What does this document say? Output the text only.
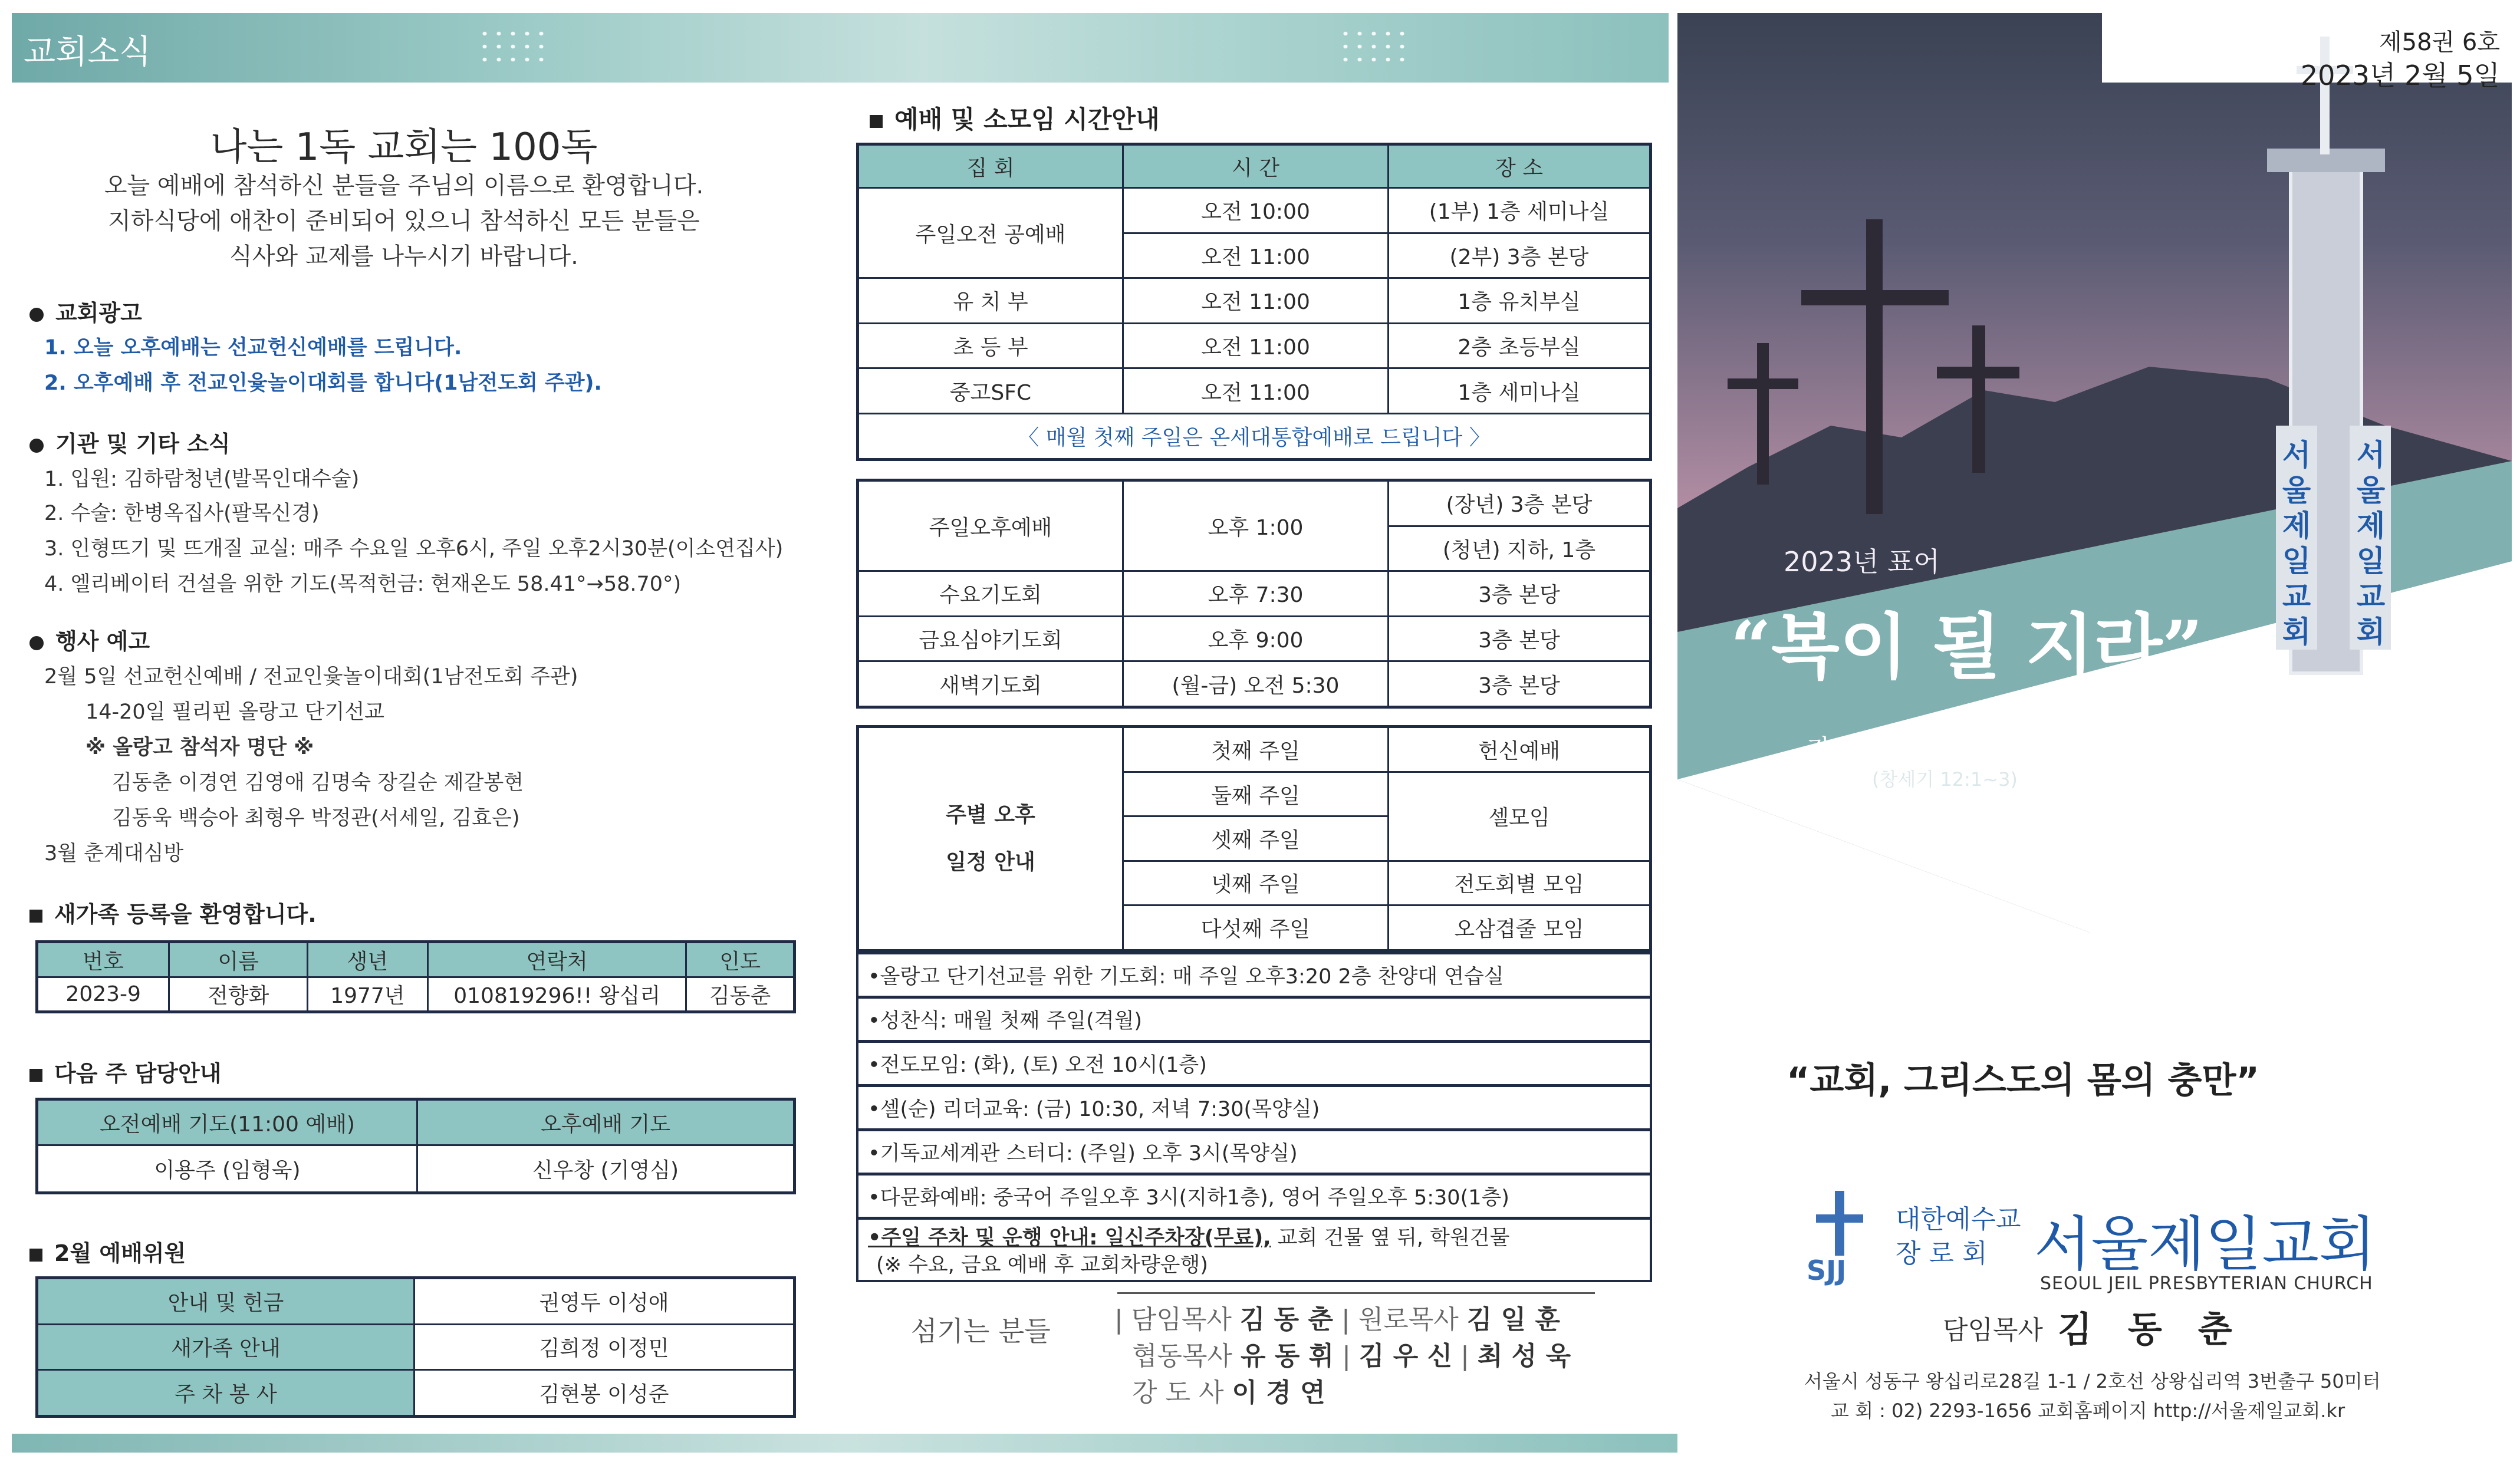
교회소식
나는 1독 교회는 100독
오늘 예배에 참석하신 분들을 주님의 이름으로 환영합니다.
지하식당에 애찬이 준비되어 있으니 참석하신 모든 분들은
식사와 교제를 나누시기 바랍니다.
교회광고
1. 오늘 오후예배는 선교헌신예배를 드립니다.
2. 오후예배 후 전교인윷놀이대회를 합니다(1남전도회 주관).
기관 및 기타 소식
1. 입원: 김하람청년(발목인대수술)
2. 수술: 한병옥집사(팔목신경)
3. 인형뜨기 및 뜨개질 교실: 매주 수요일 오후6시, 주일 오후2시30분(이소연집사)
4. 엘리베이터 건설을 위한 기도(목적헌금: 현재온도 58.41°→58.70°)
행사 예고
2월 5일 선교헌신예배 / 전교인윷놀이대회(1남전도회 주관)
14-20일 필리핀 올랑고 단기선교
※ 올랑고 참석자 명단 ※
김동춘 이경연 김영애 김명숙 장길순 제갈봉현
김동욱 백승아 최형우 박정관(서세일, 김효은)
3월 춘계대심방
새가족 등록을 환영합니다.
번호	이름	생년	연락처	인도
2023-9	전향화	1977년	010819296!! 왕십리	김동춘
다음 주 담당안내
오전예배 기도(11:00 예배)	오후예배 기도
이용주 (임형욱)	신우창 (기영심)
2월 예배위원
안내 및 헌금	권영두 이성애
새가족 안내	김희정 이정민
주 차 봉 사	김현봉 이성준
예배 및 소모임 시간안내
집 회	시 간	장 소
주일오전 공예배	오전 10:00	(1부) 1층 세미나실
	오전 11:00	(2부) 3층 본당
유 치 부	오전 11:00	1층 유치부실
초 등 부	오전 11:00	2층 초등부실
중고SFC	오전 11:00	1층 세미나실
〈 매월 첫째 주일은 온세대통합예배로 드립니다 〉		
주일오후예배	오후 1:00	(장년) 3층 본당
		(청년) 지하, 1층
수요기도회	오후 7:30	3층 본당
금요심야기도회	오후 9:00	3층 본당
새벽기도회	(월-금) 오전 5:30	3층 본당
주별 오후
일정 안내	첫째 주일	헌신예배
	둘째 주일	셀모임
	셋째 주일	
	넷째 주일	전도회별 모임
	다섯째 주일	오삼겹줄 모임
•올랑고 단기선교를 위한 기도회: 매 주일 오후3:20 2층 찬양대 연습실
•성찬식: 매월 첫째 주일(격월)
•전도모임: (화), (토) 오전 10시(1층)
•셀(순) 리더교육: (금) 10:30, 저녁 7:30(목양실)
•기독교세계관 스터디: (주일) 오후 3시(목양실)
•다문화예배: 중국어 주일오후 3시(지하1층), 영어 주일오후 5:30(1층)
•주일 주차 및 운행 안내: 일신주차장(무료), 교회 건물 옆 뒤, 학원건물
(※ 수요, 금요 예배 후 교회차량운행)
섬기는 분들 | 담임목사 김 동 춘 | 원로목사 김 일 훈
협동목사 유 동 휘 | 김 우 신 | 최 성 욱
강 도 사 이 경 연
2023년 표어
“복이 될 지라”
가정과 교회, 이웃과 열방에
(창세기 12:1~3)
서울제일교회
서울제일교회
제58권 6호
2023년 2월 5일
“교회, 그리스도의 몸의 충만”
SJJ
대한예수교
장 로 회 서울제일교회
SEOUL JEIL PRESBYTERIAN CHURCH
담임목사 김 동 춘
서울시 성동구 왕십리로28길 1-1 / 2호선 상왕십리역 3번출구 50미터
교 회 : 02) 2293-1656 교회홈페이지 http://서울제일교회.kr
